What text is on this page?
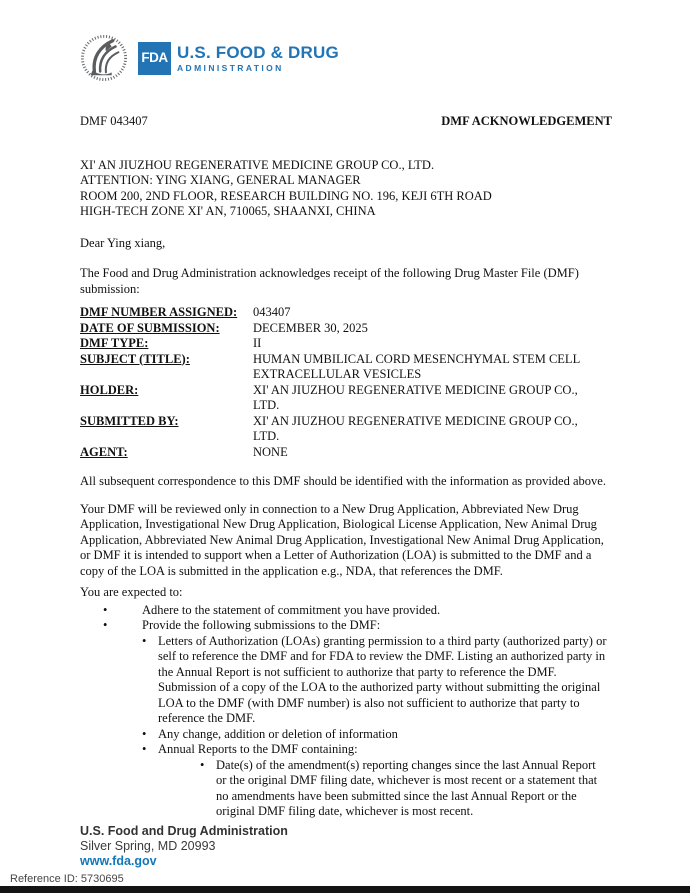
FDA U.S. FOOD & DRUG
ADMINISTRATION
DMF 043407	DMF ACKNOWLEDGEMENT
XI' AN JIUZHOU REGENERATIVE MEDICINE GROUP CO., LTD.
ATTENTION: YING XIANG, GENERAL MANAGER
ROOM 200, 2ND FLOOR, RESEARCH BUILDING NO. 196, KEJI 6TH ROAD
HIGH-TECH ZONE XI' AN, 710065, SHAANXI, CHINA
Dear Ying xiang,
The Food and Drug Administration acknowledges receipt of the following Drug Master File (DMF) submission:
DMF NUMBER ASSIGNED:	043407
DATE OF SUBMISSION:	DECEMBER 30, 2025
DMF TYPE:	II
SUBJECT (TITLE):	HUMAN UMBILICAL CORD MESENCHYMAL STEM CELL EXTRACELLULAR VESICLES
HOLDER:	XI' AN JIUZHOU REGENERATIVE MEDICINE GROUP CO., LTD.
SUBMITTED BY:	XI' AN JIUZHOU REGENERATIVE MEDICINE GROUP CO., LTD.
AGENT:	NONE
All subsequent correspondence to this DMF should be identified with the information as provided above.
Your DMF will be reviewed only in connection to a New Drug Application, Abbreviated New Drug Application, Investigational New Drug Application, Biological License Application, New Animal Drug Application, Abbreviated New Animal Drug Application, Investigational New Animal Drug Application, or DMF it is intended to support when a Letter of Authorization (LOA) is submitted to the DMF and a copy of the LOA is submitted in the application e.g., NDA, that references the DMF.
You are expected to:
•	Adhere to the statement of commitment you have provided.
•	Provide the following submissions to the DMF:
• Letters of Authorization (LOAs) granting permission to a third party (authorized party) or self to reference the DMF and for FDA to review the DMF. Listing an authorized party in the Annual Report is not sufficient to authorize that party to reference the DMF. Submission of a copy of the LOA to the authorized party without submitting the original LOA to the DMF (with DMF number) is also not sufficient to authorize that party to reference the DMF.
• Any change, addition or deletion of information
• Annual Reports to the DMF containing:
• Date(s) of the amendment(s) reporting changes since the last Annual Report or the original DMF filing date, whichever is most recent or a statement that no amendments have been submitted since the last Annual Report or the original DMF filing date, whichever is most recent.
U.S. Food and Drug Administration
Silver Spring, MD 20993
www.fda.gov
Reference ID: 5730695
